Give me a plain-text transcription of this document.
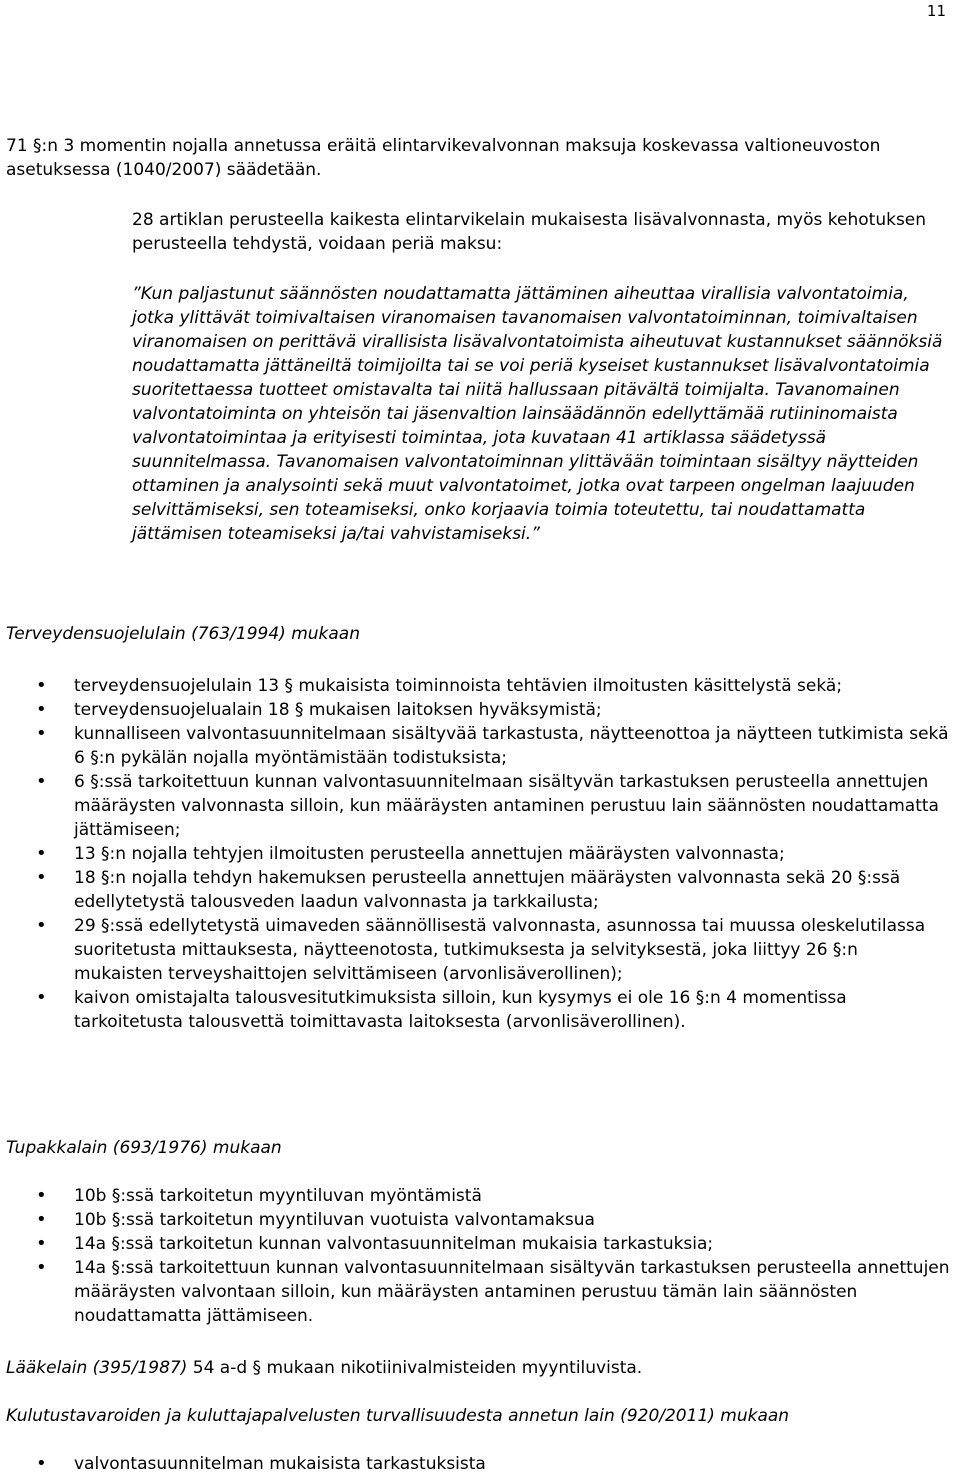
11

71 §:n 3 momentin nojalla annetussa eräitä elintarvikevalvonnan maksuja koskevassa valtioneuvoston asetuksessa (1040/2007) säädetään.

28 artiklan perusteella kaikesta elintarvikelain mukaisesta lisävalvonnasta, myös kehotuksen perusteella tehdystä, voidaan periä maksu:

”Kun paljastunut säännösten noudattamatta jättäminen aiheuttaa virallisia valvontatoimia, jotka ylittävät toimivaltaisen viranomaisen tavanomaisen valvontatoiminnan, toimivaltaisen viranomaisen on perittävä virallisista lisävalvontatoimista aiheutuvat kustannukset säännöksiä noudattamatta jättäneiltä toimijoilta tai se voi periä kyseiset kustannukset lisävalvontatoimia suoritettaessa tuotteet omistavalta tai niitä hallussaan pitävältä toimijalta. Tavanomainen valvontatoiminta on yhteisön tai jäsenvaltion lainsäädännön edellyttämää rutiininomaista valvontatoimintaa ja erityisesti toimintaa, jota kuvataan 41 artiklassa säädetyssä suunnitelmassa. Tavanomaisen valvontatoiminnan ylittävään toimintaan sisältyy näytteiden ottaminen ja analysointi sekä muut valvontatoimet, jotka ovat tarpeen ongelman laajuuden selvittämiseksi, sen toteamiseksi, onko korjaavia toimia toteutettu, tai noudattamatta jättämisen toteamiseksi ja/tai vahvistamiseksi.”

Terveydensuojelulain (763/1994) mukaan

• terveydensuojelulain 13 § mukaisista toiminnoista tehtävien ilmoitusten käsittelystä sekä;
• terveydensuojelualain 18 § mukaisen laitoksen hyväksymistä;
• kunnalliseen valvontasuunnitelmaan sisältyvää tarkastusta, näytteenottoa ja näytteen tutkimista sekä 6 §:n pykälän nojalla myöntämistään todistuksista;
• 6 §:ssä tarkoitettuun kunnan valvontasuunnitelmaan sisältyvän tarkastuksen perusteella annettujen määräysten valvonnasta silloin, kun määräysten antaminen perustuu lain säännösten noudattamatta jättämiseen;
• 13 §:n nojalla tehtyjen ilmoitusten perusteella annettujen määräysten valvonnasta;
• 18 §:n nojalla tehdyn hakemuksen perusteella annettujen määräysten valvonnasta sekä 20 §:ssä edellytetystä talousveden laadun valvonnasta ja tarkkailusta;
• 29 §:ssä edellytetystä uimaveden säännöllisestä valvonnasta, asunnossa tai muussa oleskelutilassa suoritetusta mittauksesta, näytteenotosta, tutkimuksesta ja selvityksestä, joka liittyy 26 §:n mukaisten terveyshaittojen selvittämiseen (arvonlisäverollinen);
• kaivon omistajalta talousvesitutkimuksista silloin, kun kysymys ei ole 16 §:n 4 momentissa tarkoitetusta talousvettä toimittavasta laitoksesta (arvonlisäverollinen).

Tupakkalain (693/1976) mukaan

• 10b §:ssä tarkoitetun myyntiluvan myöntämistä
• 10b §:ssä tarkoitetun myyntiluvan vuotuista valvontamaksua
• 14a §:ssä tarkoitetun kunnan valvontasuunnitelman mukaisia tarkastuksia;
• 14a §:ssä tarkoitettuun kunnan valvontasuunnitelmaan sisältyvän tarkastuksen perusteella annettujen määräysten valvontaan silloin, kun määräysten antaminen perustuu tämän lain säännösten noudattamatta jättämiseen.

Lääkelain (395/1987) 54 a-d § mukaan nikotiinivalmisteiden myyntiluvista.

Kulutustavaroiden ja kuluttajapalvelusten turvallisuudesta annetun lain (920/2011) mukaan

• valvontasuunnitelman mukaisista tarkastuksista
